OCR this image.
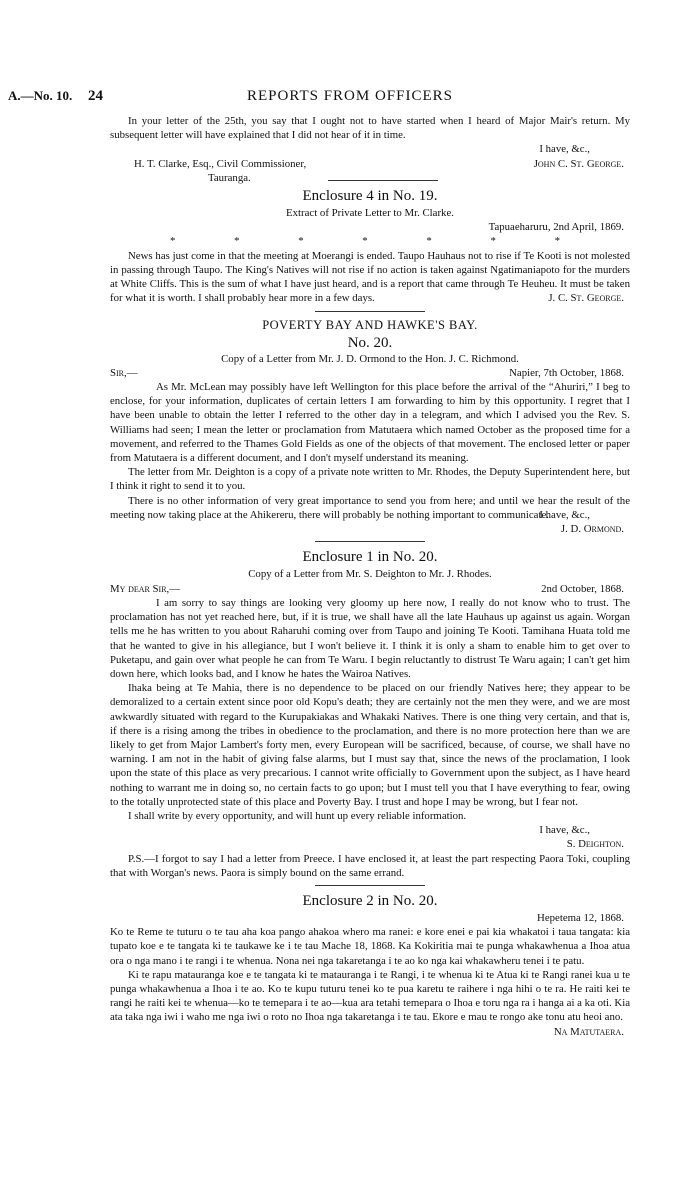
A.—No. 10. 24	REPORTS FROM OFFICERS

In your letter of the 25th, you say that I ought not to have started when I heard of Major Mair's return. My subsequent letter will have explained that I did not hear of it in time.

I have, &c.,
H. T. Clarke, Esq., Civil Commissioner,	John C. St. George.
Tauranga.
Enclosure 4 in No. 19.
Extract of Private Letter to Mr. Clarke.
Tapuaeharuru, 2nd April, 1869.
*	*	*	*	*	*	*

News has just come in that the meeting at Moerangi is ended. Taupo Hauhaus not to rise if Te Kooti is not molested in passing through Taupo. The King's Natives will not rise if no action is taken against Ngatimaniapoto for the murders at White Cliffs. This is the sum of what I have just heard, and is a report that came through Te Heuheu. It must be taken for what it is worth. I shall probably hear more in a few days.	J. C. St. George.
POVERTY BAY AND HAWKE'S BAY.
No. 20.
Copy of a Letter from Mr. J. D. Ormond to the Hon. J. C. Richmond.
Sir,—	Napier, 7th October, 1868.

As Mr. McLean may possibly have left Wellington for this place before the arrival of the “Ahuriri,” I beg to enclose, for your information, duplicates of certain letters I am forwarding to him by this opportunity. I regret that I have been unable to obtain the letter I referred to the other day in a telegram, and which I advised you the Rev. S. Williams had seen; I mean the letter or proclamation from Matutaera which named October as the proposed time for a movement, and referred to the Thames Gold Fields as one of the objects of that movement. The enclosed letter or paper from Matutaera is a different document, and I don't myself understand its meaning.

The letter from Mr. Deighton is a copy of a private note written to Mr. Rhodes, the Deputy Superintendent here, but I think it right to send it to you.

There is no other information of very great importance to send you from here; and until we hear the result of the meeting now taking place at the Ahikereru, there will probably be nothing important to communicate.

I have, &c.,
J. D. Ormond.
Enclosure 1 in No. 20.
Copy of a Letter from Mr. S. Deighton to Mr. J. Rhodes.
My dear Sir,—	2nd October, 1868.

I am sorry to say things are looking very gloomy up here now, I really do not know who to trust. The proclamation has not yet reached here, but, if it is true, we shall have all the late Hauhaus up against us again. Worgan tells me he has written to you about Raharuhi coming over from Taupo and joining Te Kooti. Tamihana Huata told me that he wanted to give in his allegiance, but I won't believe it. I think it is only a sham to enable him to get over to Puketapu, and gain over what people he can from Te Waru. I begin reluctantly to distrust Te Waru again; I can't get him down here, which looks bad, and I know he hates the Wairoa Natives.

Ihaka being at Te Mahia, there is no dependence to be placed on our friendly Natives here; they appear to be demoralized to a certain extent since poor old Kopu's death; they are certainly not the men they were, and we are most awkwardly situated with regard to the Kurupakiakas and Whakaki Natives. There is one thing very certain, and that is, if there is a rising among the tribes in obedience to the proclamation, and there is no more protection here than we are likely to get from Major Lambert's forty men, every European will be sacrificed, because, of course, we shall have no warning. I am not in the habit of giving false alarms, but I must say that, since the news of the proclamation, I look upon the state of this place as very precarious. I cannot write officially to Government upon the subject, as I have heard nothing to warrant me in doing so, no certain facts to go upon; but I must tell you that I have everything to fear, owing to the totally unprotected state of this place and Poverty Bay. I trust and hope I may be wrong, but I fear not.

I shall write by every opportunity, and will hunt up every reliable information.

I have, &c.,
S. Deighton.

P.S.—I forgot to say I had a letter from Preece. I have enclosed it, at least the part respecting Paora Toki, coupling that with Worgan's news. Paora is simply bound on the same errand.

Enclosure 2 in No. 20.
Hepetema 12, 1868.

Ko te Reme te tuturu o te tau aha koa pango ahakoa whero ma ranei: e kore enei e pai kia whakatoi i taua tangata: kia tupato koe e te tangata ki te taukawe ke i te tau Mache 18, 1868. Ka Kokiritia mai te punga whakawhenua a Ihoa atua ora o nga mano i te rangi i te whenua. Nona nei nga takaretanga i te ao ko nga kai whakawheru tenei i te patu.

Ki te rapu matauranga koe e te tangata ki te matauranga i te Rangi, i te whenua ki te Atua ki te Rangi ranei kua u te punga whakawhenua a Ihoa i te ao. Ko te kupu tuturu tenei ko te pua karetu te raihere i nga hihi o te ra. He raiti kei te rangi he raiti kei te whenua—ko te temepara i te ao—kua ara tetahi temepara o Ihoa e toru nga ra i hanga ai a ka oti. Kia ata taka nga iwi i waho me nga iwi o roto no Ihoa nga takaretanga i te tau. Ekore e mau te rongo ake tonu atu heoi ano.

Na Matutaera.
